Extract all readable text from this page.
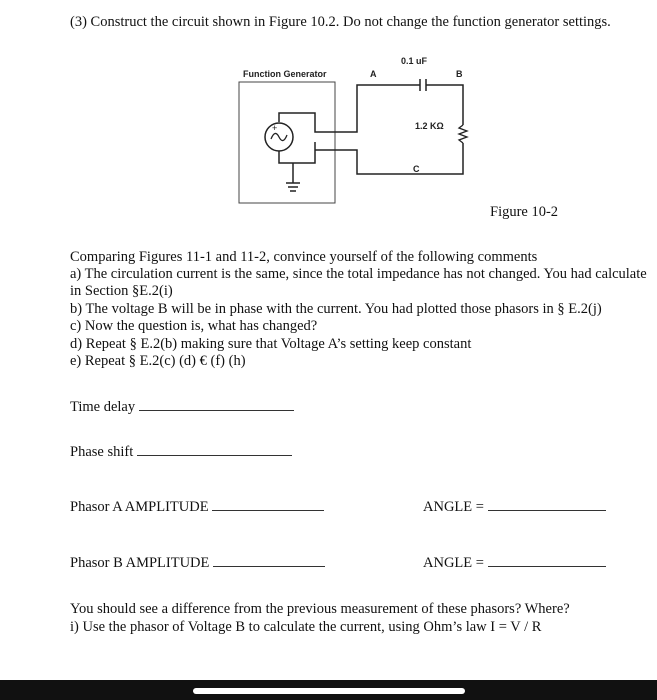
(3) Construct the circuit shown in Figure 10.2. Do not change the function generator settings.
Function Generator	A
0.1 uF
B
1.2 KΩ
C
+
Figure 10-2
Comparing Figures 11-1 and 11-2, convince yourself of the following comments
a) The circulation current is the same, since the total impedance has not changed. You had calculate
in Section §E.2(i)
b) The voltage B will be in phase with the current. You had plotted those phasors in § E.2(j)
c) Now the question is, what has changed?
d) Repeat § E.2(b) making sure that Voltage A’s setting keep constant
e) Repeat § E.2(c) (d) € (f) (h)
Time delay
Phase shift
Phasor A AMPLITUDE	ANGLE =
Phasor B AMPLITUDE	ANGLE =
You should see a difference from the previous measurement of these phasors? Where?
i) Use the phasor of Voltage B to calculate the current, using Ohm’s law I = V / R
